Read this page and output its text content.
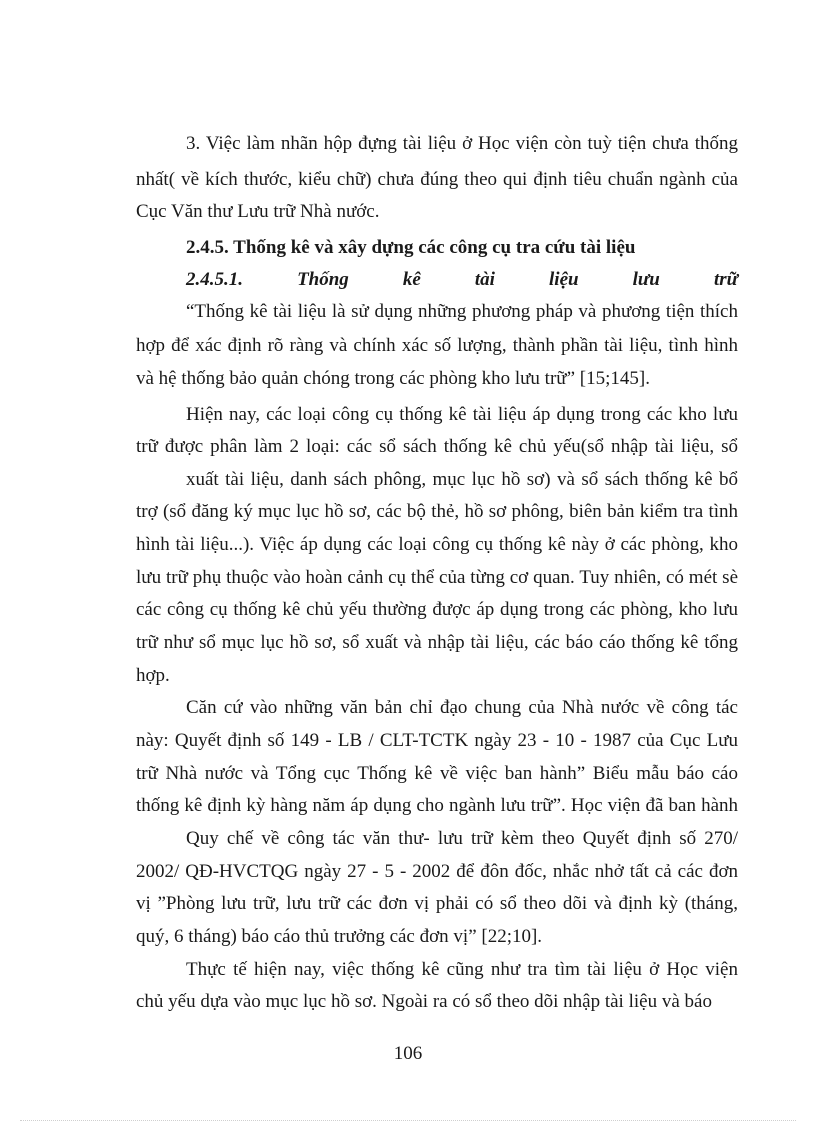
3. Việc làm nhãn hộp đựng tài liệu ở Học viện còn tuỳ tiện chưa thống
nhất( về kích thước, kiểu chữ) chưa đúng theo qui định tiêu chuẩn ngành của
Cục Văn thư Lưu trữ Nhà nước.
2.4.5. Thống kê và xây dựng các công cụ tra cứu tài liệu
2.4.5.1. Thống kê tài liệu lưu trữ
“Thống kê tài liệu là sử dụng những phương pháp và phương tiện thích
hợp để xác định rõ ràng và chính xác số lượng, thành phần tài liệu, tình hình
và hệ thống bảo quản chóng trong các phòng kho lưu trữ” [15;145].
Hiện nay, các loại công cụ thống kê tài liệu áp dụng trong các kho lưu
trữ được phân làm 2 loại: các sổ sách thống kê chủ yếu(sổ nhập tài liệu, sổ
xuất tài liệu, danh sách phông, mục lục hồ sơ) và sổ sách thống kê bổ
trợ (sổ đăng ký mục lục hồ sơ, các bộ thẻ, hồ sơ phông, biên bản kiểm tra tình
hình tài liệu...). Việc áp dụng các loại công cụ thống kê này ở các phòng, kho
lưu trữ phụ thuộc vào hoàn cảnh cụ thể của từng cơ quan. Tuy nhiên, có mét sè
các công cụ thống kê chủ yếu thường được áp dụng trong các phòng, kho lưu
trữ như sổ mục lục hồ sơ, sổ xuất và nhập tài liệu, các báo cáo thống kê tổng
hợp.
Căn cứ vào những văn bản chỉ đạo chung của Nhà nước về công tác
này: Quyết định số 149 - LB / CLT-TCTK ngày 23 - 10 - 1987 của Cục Lưu
trữ Nhà nước và Tổng cục Thống kê về việc ban hành” Biểu mẫu báo cáo
thống kê định kỳ hàng năm áp dụng cho ngành lưu trữ”. Học viện đã ban hành
Quy chế về công tác văn thư- lưu trữ kèm theo Quyết định số 270/
2002/ QĐ-HVCTQG ngày 27 - 5 - 2002 để đôn đốc, nhắc nhở tất cả các đơn
vị ”Phòng lưu trữ, lưu trữ các đơn vị phải có sổ theo dõi và định kỳ (tháng,
quý, 6 tháng) báo cáo thủ trưởng các đơn vị” [22;10].
Thực tế hiện nay, việc thống kê cũng như tra tìm tài liệu ở Học viện
chủ yếu dựa vào mục lục hồ sơ. Ngoài ra có sổ theo dõi nhập tài liệu và báo
106
